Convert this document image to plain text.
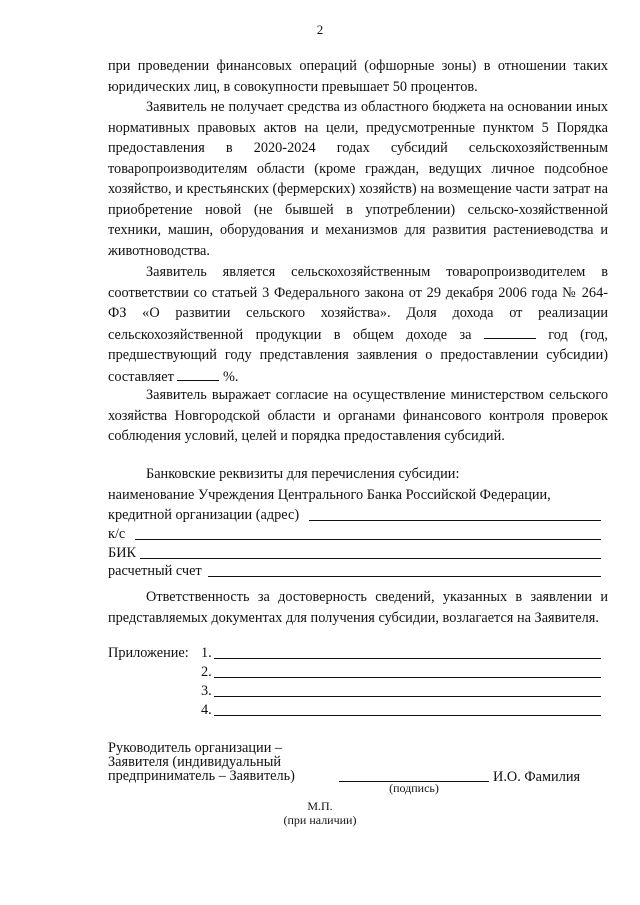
2

при проведении финансовых операций (офшорные зоны) в отношении таких юридических лиц, в совокупности превышает 50 процентов.

Заявитель не получает средства из областного бюджета на основании иных нормативных правовых актов на цели, предусмотренные пунктом 5 Порядка предоставления в 2020-2024 годах субсидий сельскохозяйственным товаропроизводителям области (кроме граждан, ведущих личное подсобное хозяйство, и крестьянских (фермерских) хозяйств) на возмещение части затрат на приобретение новой (не бывшей в употреблении) сельско-хозяйственной техники, машин, оборудования и механизмов для развития растениеводства и животноводства.

Заявитель является сельскохозяйственным товаропроизводителем в соответствии со статьей 3 Федерального закона от 29 декабря 2006 года № 264-ФЗ «О развитии сельского хозяйства». Доля дохода от реализации сельскохозяйственной продукции в общем доходе за	год (год, предшествующий году представления заявления о предоставлении субсидии) составляет	%.

Заявитель выражает согласие на осуществление министерством сельского хозяйства Новгородской области и органами финансового контроля проверок соблюдения условий, целей и порядка предоставления субсидий.

Банковские реквизиты для перечисления субсидии:
наименование Учреждения Центрального Банка Российской Федерации,
кредитной организации (адрес)
к/с
БИК
расчетный счет

Ответственность за достоверность сведений, указанных в заявлении и представляемых документах для получения субсидии, возлагается на Заявителя.

Приложение: 1.
2.
3.
4.
Руководитель организации –
Заявителя (индивидуальный
предприниматель – Заявитель)	И.О. Фамилия
(подпись)
М.П.
(при наличии)
